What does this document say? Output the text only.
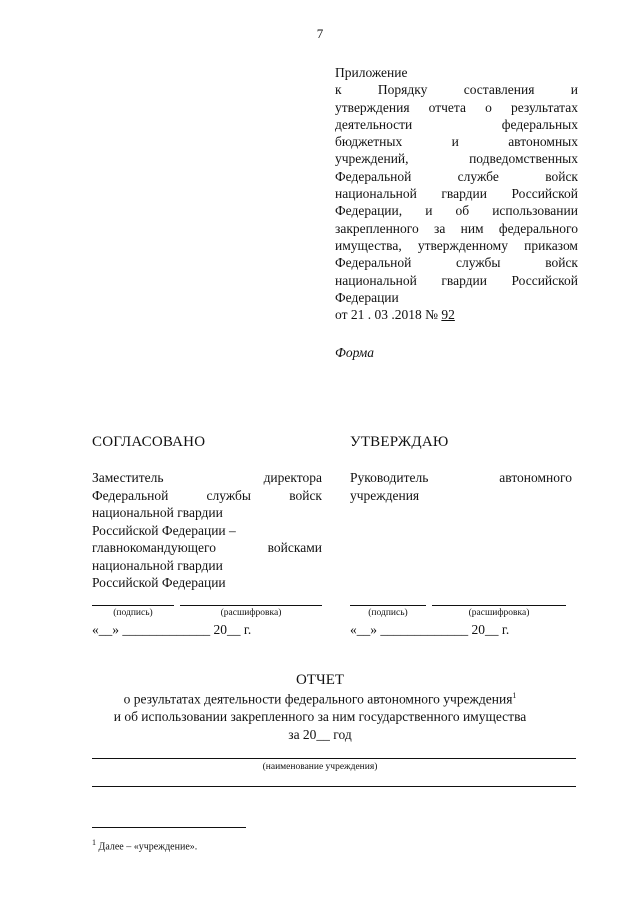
7
Приложение
к	Порядку	составления	и
утверждения отчета о результатах
деятельности	федеральных
бюджетных	и	автономных
учреждений,	подведомственных
Федеральной	службе	войск
национальной гвардии Российской
Федерации, и об использовании
закрепленного за ним федерального
имущества, утвержденному приказом
Федеральной	службы	войск
национальной гвардии Российской
Федерации
от 21 . 03 .2018 № 92
Форма
СОГЛАСОВАНО
Заместитель	директора
Федеральной	службы	войск
национальной гвардии
Российской Федерации –
главнокомандующего	войсками
национальной гвардии
Российской Федерации
(подпись)	(расшифровка)
«__» _____________ 20__ г.
УТВЕРЖДАЮ
Руководитель	автономного
учреждения
(подпись)	(расшифровка)
«__» _____________ 20__ г.
ОТЧЕТ
о результатах деятельности федерального автономного учреждения$^1$
и об использовании закрепленного за ним государственного имущества
за 20__ год
(наименование учреждения)
$^1$ Далее – «учреждение».
